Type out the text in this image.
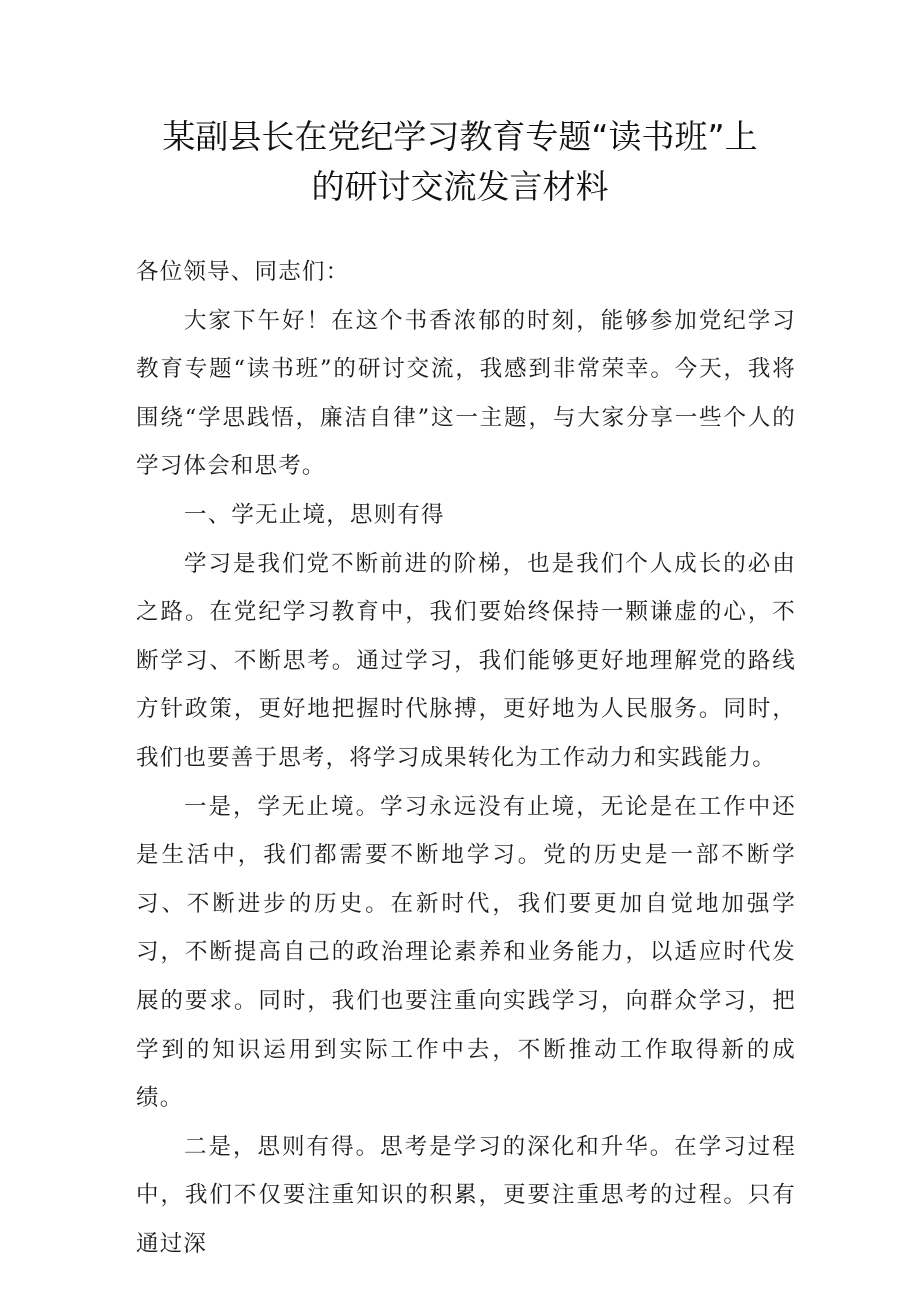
某副县长在党纪学习教育专题“读书班”上
的研讨交流发言材料

各位领导、同志们：

大家下午好！在这个书香浓郁的时刻，能够参加党纪学习教育专题“读书班”的研讨交流，我感到非常荣幸。今天，我将围绕“学思践悟，廉洁自律”这一主题，与大家分享一些个人的学习体会和思考。

一、学无止境，思则有得

学习是我们党不断前进的阶梯，也是我们个人成长的必由之路。在党纪学习教育中，我们要始终保持一颗谦虚的心，不断学习、不断思考。通过学习，我们能够更好地理解党的路线方针政策，更好地把握时代脉搏，更好地为人民服务。同时，我们也要善于思考，将学习成果转化为工作动力和实践能力。

一是，学无止境。学习永远没有止境，无论是在工作中还是生活中，我们都需要不断地学习。党的历史是一部不断学习、不断进步的历史。在新时代，我们要更加自觉地加强学习，不断提高自己的政治理论素养和业务能力，以适应时代发展的要求。同时，我们也要注重向实践学习，向群众学习，把学到的知识运用到实际工作中去，不断推动工作取得新的成绩。

二是，思则有得。思考是学习的深化和升华。在学习过程中，我们不仅要注重知识的积累，更要注重思考的过程。只有通过深
